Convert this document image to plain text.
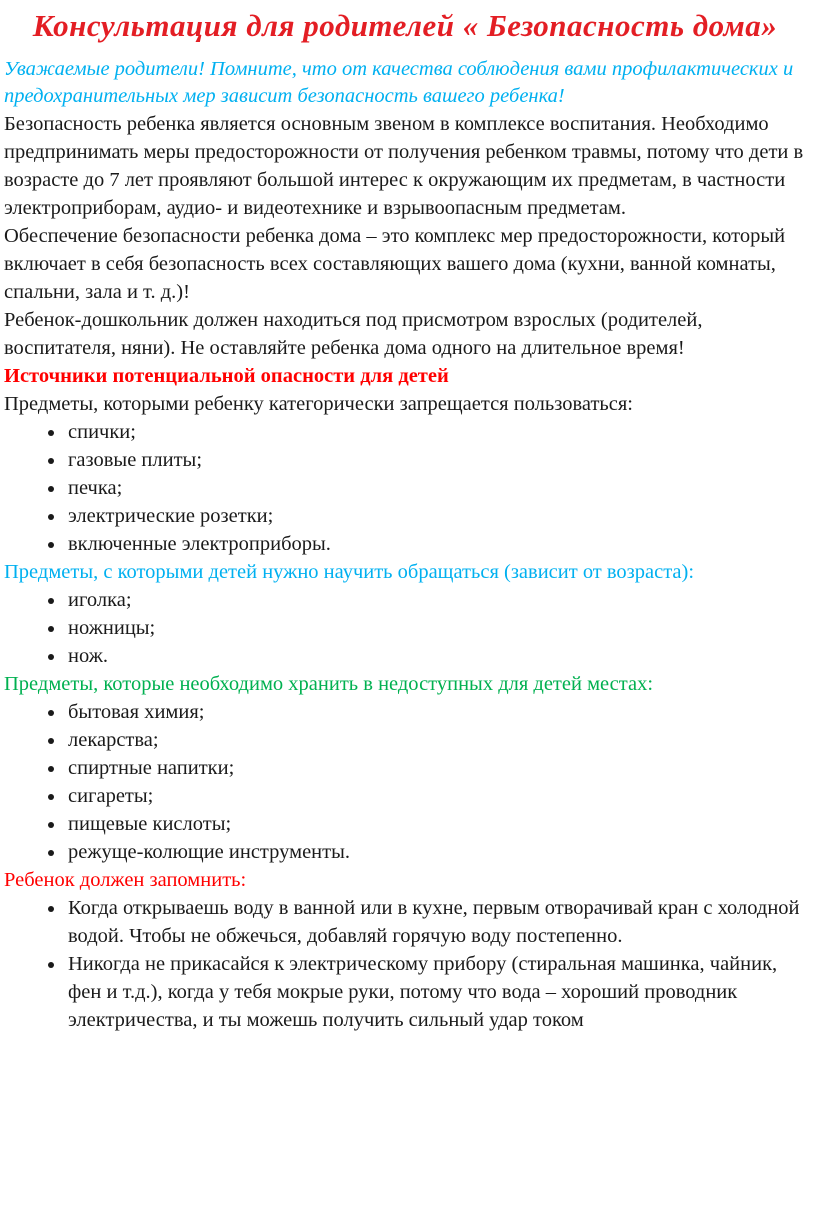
Консультация для родителей « Безопасность дома»

Уважаемые родители! Помните, что от качества соблюдения вами профилактических и предохранительных мер зависит безопасность вашего ребенка!

Безопасность ребенка является основным звеном в комплексе воспитания. Необходимо предпринимать меры предосторожности от получения ребенком травмы, потому что дети в возрасте до 7 лет проявляют большой интерес к окружающим их предметам, в частности электроприборам, аудио- и видеотехнике и взрывоопасным предметам.

Обеспечение безопасности ребенка дома – это комплекс мер предосторожности, который включает в себя безопасность всех составляющих вашего дома (кухни, ванной комнаты, спальни, зала и т. д.)!

Ребенок-дошкольник должен находиться под присмотром взрослых (родителей, воспитателя, няни). Не оставляйте ребенка дома одного на длительное время!

Источники потенциальной опасности для детей

Предметы, которыми ребенку категорически запрещается пользоваться:

• спички;
• газовые плиты;
• печка;
• электрические розетки;
• включенные электроприборы.

Предметы, с которыми детей нужно научить обращаться (зависит от возраста):

• иголка;
• ножницы;
• нож.

Предметы, которые необходимо хранить в недоступных для детей местах:

• бытовая химия;
• лекарства;
• спиртные напитки;
• сигареты;
• пищевые кислоты;
• режуще-колющие инструменты.

Ребенок должен запомнить:

• Когда открываешь воду в ванной или в кухне, первым отворачивай кран с холодной водой. Чтобы не обжечься, добавляй горячую воду постепенно.
• Никогда не прикасайся к электрическому прибору (стиральная машинка, чайник, фен и т.д.), когда у тебя мокрые руки, потому что вода – хороший проводник электричества, и ты можешь получить сильный удар током
